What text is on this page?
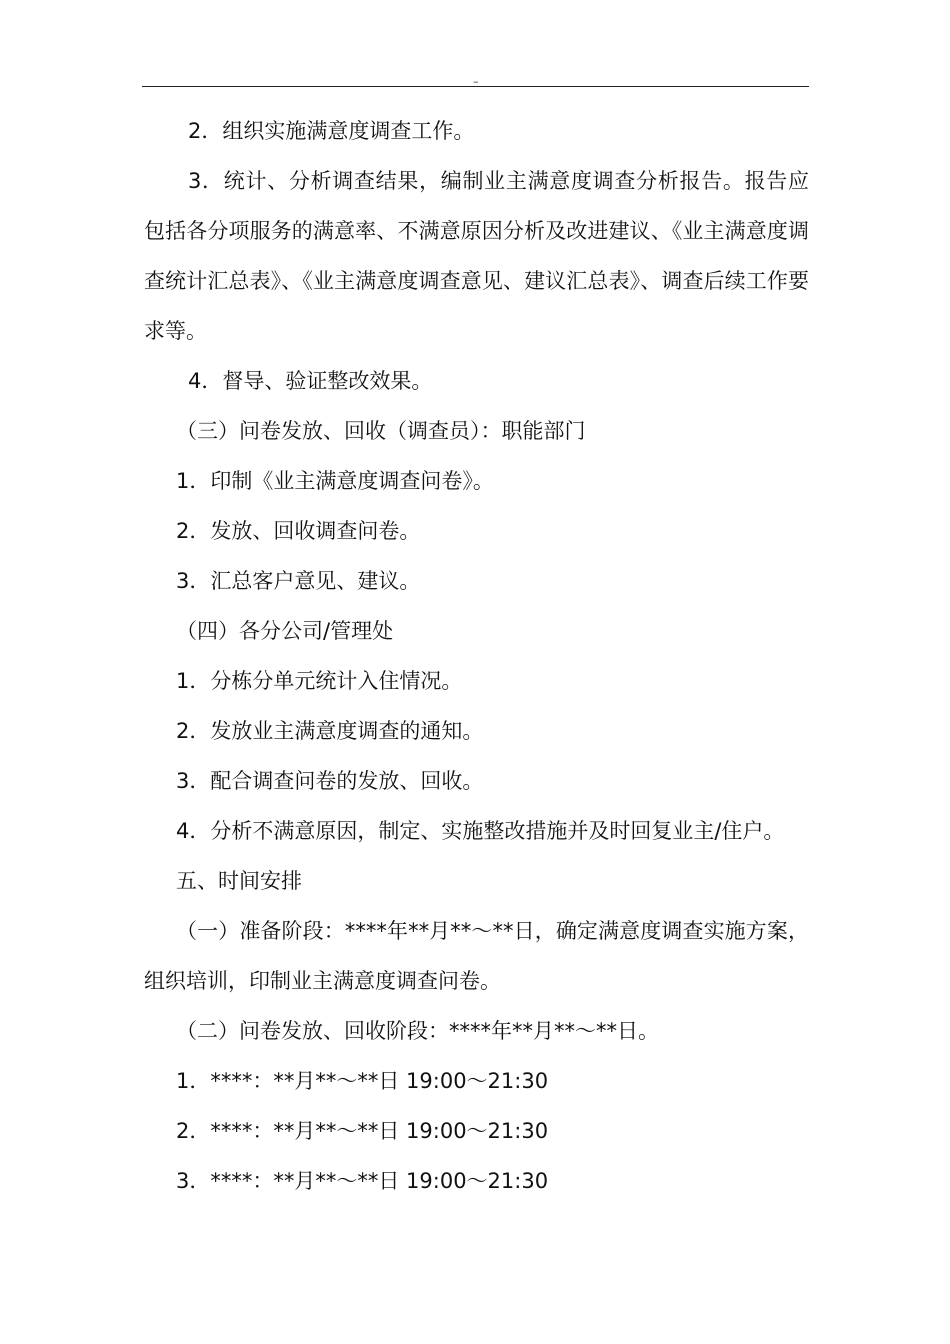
–

2．组织实施满意度调查工作。

3．统计、分析调查结果，编制业主满意度调查分析报告。报告应包括各分项服务的满意率、不满意原因分析及改进建议、《业主满意度调查统计汇总表》、《业主满意度调查意见、建议汇总表》、调查后续工作要求等。

4．督导、验证整改效果。

（三）问卷发放、回收（调查员）：职能部门

1．印制《业主满意度调查问卷》。

2．发放、回收调查问卷。

3．汇总客户意见、建议。

（四）各分公司/管理处

1．分栋分单元统计入住情况。

2．发放业主满意度调查的通知。

3．配合调查问卷的发放、回收。

4．分析不满意原因，制定、实施整改措施并及时回复业主/住户。

五、时间安排

（一）准备阶段：****年**月**～**日，确定满意度调查实施方案，组织培训，印制业主满意度调查问卷。

（二）问卷发放、回收阶段：****年**月**～**日。

1．****：**月**～**日 19:00～21:30

2．****：**月**～**日 19:00～21:30

3．****：**月**～**日 19:00～21:30
